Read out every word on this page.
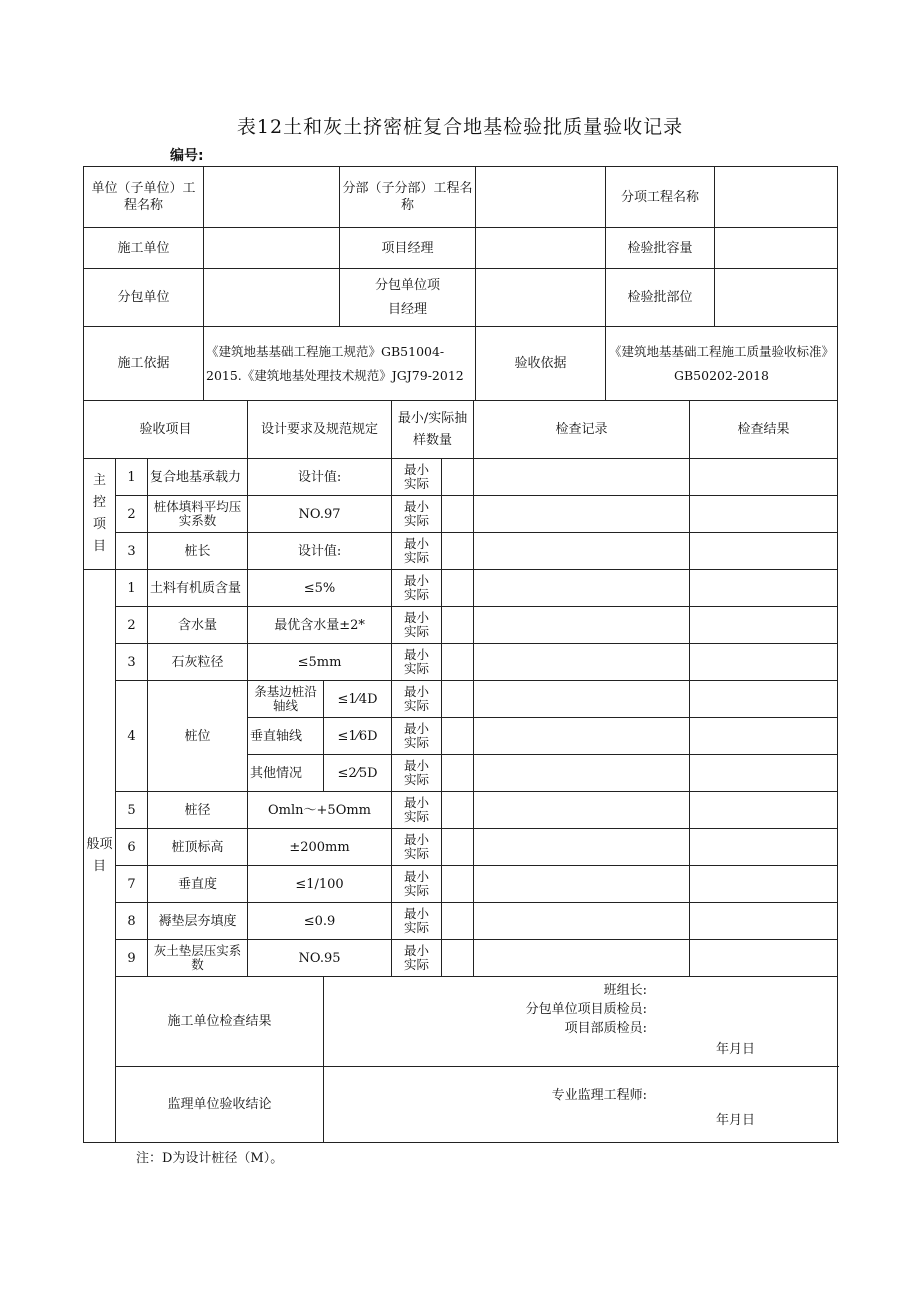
表12土和灰土挤密桩复合地基检验批质量验收记录
编号:
单位（子单位）工程名称		分部（子分部）工程名称		分项工程名称	
施工单位		项目经理		检验批容量	
分包单位		分包单位项目经理		检验批部位	
施工依据	《建筑地基基础工程施工规范》GB51004-2015.《建筑地基处理技术规范》JGJ79-2012		验收依据	《建筑地基基础工程施工质量验收标准》GB50202-2018	
验收项目			设计要求及规范规定		最小/实际抽样数量		检查记录	检查结果
主控项目	1	复合地基承载力	设计值:		最小
实际			

	2	桩体填料平均压实系数	NO.97		最小
实际			

	3	桩长	设计值:		最小
实际			

般项目	1	土料有机质含量	≤5%		最小
实际			

	2	含水量	最优含水量±2*		最小
实际			

	3	石灰粒径	≤5mm		最小
实际			

	4	桩位	条基边桩沿轴线	≤1⁄4D	最小
实际			

			垂直轴线	≤1⁄6D	最小
实际			

			其他情况	≤2⁄5D	最小
实际			

	5	桩径	Omln～+5Omm		最小
实际			

	6	桩顶标高	±200mm		最小
实际			

	7	垂直度	≤1/100		最小
实际			

	8	褥垫层夯填度	≤0.9		最小
实际			

	9	灰土垫层压实系数	NO.95		最小
实际			

	施工单位检查结果			班组长:
分包单位项目质检员:
项目部质检员:
年月日				

	监理单位验收结论			专业监理工程师:
年月日				
注：D为设计桩径（M）。
